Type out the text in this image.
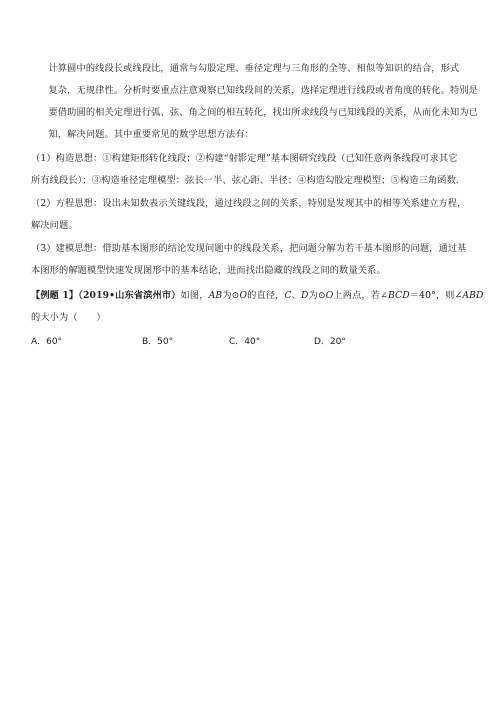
计算圆中的线段长或线段比，通常与勾股定理、垂径定理与三角形的全等、相似等知识的结合，形式
复杂，无规律性。分析时要重点注意观察已知线段间的关系，选择定理进行线段或者角度的转化。特别是
要借助圆的相关定理进行弧、弦、角之间的相互转化，找出所求线段与已知线段的关系，从而化未知为已
知，解决问题。其中重要常见的数学思想方法有：
（1）构造思想：①构建矩形转化线段；②构建“射影定理”基本图研究线段（已知任意两条线段可求其它
所有线段长）；③构造垂径定理模型：弦长一半、弦心距、半径；④构造勾股定理模型；⑤构造三角函数.
（2）方程思想：设出未知数表示关键线段，通过线段之间的关系，特别是发现其中的相等关系建立方程，
解决问题。
（3）建模思想：借助基本图形的结论发现问题中的线段关系，把问题分解为若干基本图形的问题，通过基
本图形的解题模型快速发现图形中的基本结论，进而找出隐藏的线段之间的数量关系。
【例题 1】（2019•山东省滨州市）如图，AB为⊙O的直径，C、D为⊙O上两点，若∠BCD＝40°，则∠ABD
的大小为（　　）
A．60°	B．50°	C．40°	D．20°
